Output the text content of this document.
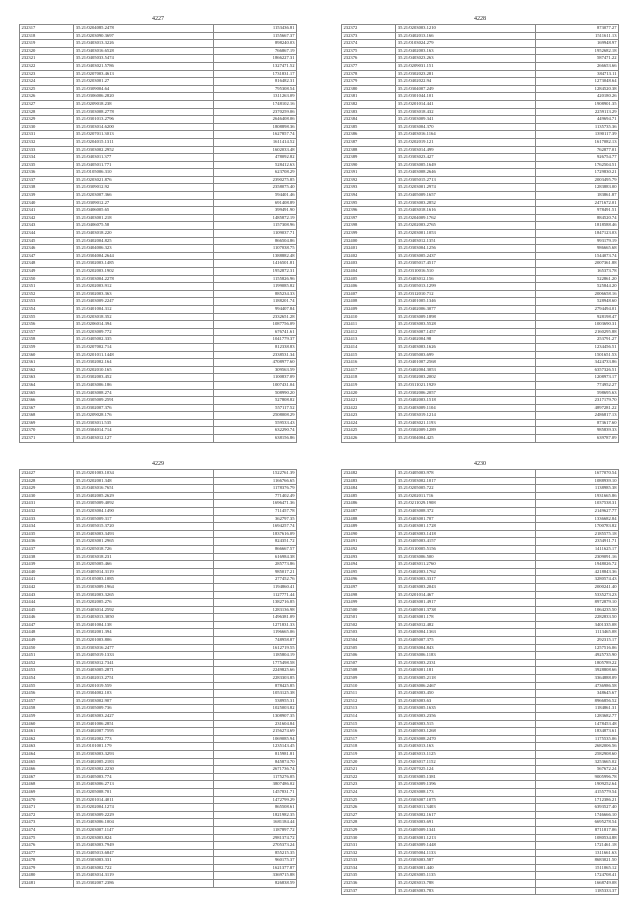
4227
232317	35.21/0204085.2478	1153436.81
232318	35.21/0203090.3697	1155667.37
232319	35.21/0403013.3226	898240.03
232320	35.21/0403016.6528	766867.19
232321	35.21/0405033.5474	1866227.31
232322	35.21/0403021.5786	1327471.52
232323	35.21/0207003.4613	1731831.17
232324	35.21/0203001.27	816482.31
232325	35.21/0309004.64	795308.54
232326	35.21/0306006.2820	1311263.09
232327	35.21/0209018.238	1748102.16
232328	35.21/0303008.2778	2370259.06
232329	35.21/0301013.2796	2646408.06
232330	35.21/0303014.6200	1808898.36
232331	35.21/0207011.3013	1627857.74
232332	35.21/0204015.1311	1611414.52
232333	35.21/0303002.2952	1602033.48
232334	35.21/0403011.377	478092.82
232335	35.21/0405011.771	528412.63
232336	35.21/0105006.310	623708.29
232337	35.21/0203021.876	2390275.85
232338	35.21/0309012.92	2358075.40
232339	35.21/0203007.366	594401.46
232340	35.21/0309012.27	691408.89
232341	35.21/0406005.65	399491.90
232342	35.21/0403001.218	1485872.19
232343	35.21/0406075.58	1157308.96
232344	35.21/0403018.220	1109037.71
232345	35.21/0402004.825	866504.86
232346	35.21/0404006.323	1107038.75
232347	35.21/0304004.2644	1388882.48
232348	35.21/0302003.1485	1416501.81
232349	35.21/0202003.1902	1952872.31
232350	35.21/0303004.2278	1155826.96
232351	35.21/0202003.912	1199085.82
232352	35.21/0302003.363	885234.33
232353	35.21/0403009.2247	1188201.74
232354	35.21/0401004.312	994407.84
232355	35.21/0203018.352	2332651.28
232356	35.21/0206014.394	1087756.09
232357	35.21/0203009.772	676741.61
232358	35.21/0405002.335	1041779.37
232359	35.21/0207002.714	812338.83
232360	35.21/0201011.1448	2338531.34
232361	35.21/0302002.164	4708977.60
232362	35.21/0202010.165	309563.59
232363	35.21/0302003.452	1100837.09
232364	35.21/0403006.186	1007431.04
232365	35.21/0403008.274	508990.20
232366	35.21/0305009.2591	527808.82
232367	35.21/0302007.376	557117.52
232368	35.21/0209028.176	2508008.29
232369	35.21/0303011.535	559533.43
232370	35.21/0304014.714	632290.74
232371	35.21/0403012.127	638156.86
4228
232372	35.21/0203003.1210	873077.27
232373	35.21/0402013.166	1511611.13
232374	35.21/0103024.279	169948.97
232375	35.21/0402003.163	1952682.18
232376	35.21/0403023.263	587471.22
232377	35.21/0209031.151	266653.66
232378	35.21/0302023.281	384713.11
232379	35.21/0402022.94	1273048.64
232380	35.21/0304007.249	1284520.38
232381	35.21/0301044.101	420180.26
232382	35.21/0201014.441	1908901.35
232383	35.21/0303018.432	2259113.29
232384	35.21/0303009.341	449694.71
232385	35.21/0303004.370	1135735.36
232386	35.21/0403016.1164	1390117.39
232387	35.21/0202019.121	1617082.13
232388	35.21/0303014.499	762877.01
232389	35.21/0303023.427	926754.77
232390	35.21/0303005.1649	1762504.51
232391	35.21/0403008.2646	1729830.21
232392	35.21/0305015.2713	2003495.79
232393	35.21/0203001.2974	1283883.00
232394	35.21/0405009.1657	183861.87
232395	35.21/0303003.2852	2471672.01
232396	35.21/0403018.1616	978491.51
232397	35.21/0204009.1762	884520.74
232398	35.21/0202003.2765	1818588.46
232399	35.21/0203001.1053	1847123.03
232400	35.21/0403012.1351	993179.19
232401	35.21/0303004.1256	986665.68
232402	35.21/0303005.2437	1544073.74
232403	35.21/0305017.4517	2007361.88
232404	35.21/0310016.510	165373.78
232405	35.21/0403012.156	522861.20
232406	35.21/0305013.1299	525844.20
232407	35.21/0312010.712	2006658.16
232408	35.21/0401005.1346	528948.60
232409	35.21/0402006.3077	2794494.01
232410	35.21/0303009.1898	928198.47
232411	35.21/0303003.5528	1003690.31
232412	35.21/0303007.1457	2160295.88
232413	35.21/0402004.98	253791.27
232414	35.21/0403003.1626	1234456.51
232415	35.21/0305003.699	1501651.53
232416	35.21/0401007.2568	3424733.86
232417	35.21/0402004.3053	6357326.51
232418	35.21/0302003.2002	1208973.17
232419	35.21/0311021.1929	774952.27
232420	35.21/0302006.2057	598695.63
232421	35.21/0402003.1518	2317179.70
232422	35.21/0403009.1104	4897281.22
232423	35.21/0303019.1214	2486817.13
232424	35.21/0403021.1193	873617.60
232425	35.21/0302009.1289	985839.33
232426	35.21/0304004.425	639787.09
4229
232427	35.21/0201003.1034	1522761.39
232428	35.21/0202001.348	1166766.65
232429	35.21/0403016.7651	1178376.79
232430	35.21/0402005.2629	771402.49
232431	35.21/0305009.4092	1696471.36
232432	35.21/0203004.1490	711457.78
232433	35.21/0305009.317	362797.35
232434	35.21/0305015.3720	1694257.74
232435	35.21/0403003.3493	1837616.09
232436	35.21/0203001.2965	824351.72
232437	35.21/0205018.726	866667.57
232438	35.21/0303018.231	616984.38
232439	35.21/0205005.466	285773.86
232440	35.21/0405014.3119	985017.21
232441	35.21/0105003.1085	277452.76
232442	35.21/0303009.1964	1194860.41
232443	35.21/0302003.3265	1127771.44
232444	35.21/0202005.276	1382716.85
232445	35.21/0403014.2592	1283136.98
232446	35.21/0403013.3050	1496381.09
232447	35.21/0401004.138	1271831.33
232448	35.21/0302001.394	1196665.06
232449	35.21/0201003.806	748958.87
232450	35.21/0303016.2477	1612719.55
232451	35.21/0405019.1333	1185804.19
232452	35.21/0303012.7341	1775498.58
232453	35.21/0403005.2871	2249825.66
232454	35.21/0402013.2751	2283303.85
232455	35.21/0201019.559	878425.85
232456	35.21/0304002.103	1053125.38
232457	35.21/0303002.907	538955.31
232458	35.21/0305009.736	1025003.82
232459	35.21/0403003.2427	1308907.35
232460	35.21/0401006.2851	231604.84
232461	35.21/0402007.7595	2156274.69
232462	35.21/0302002.773	1069085.94
232463	35.21/0101001.179	1235143.45
232464	35.21/0303003.3293	815981.81
232465	35.21/0402005.2183	845874.70
232466	35.21/0203002.2230	2671736.74
232467	35.21/0405003.774	1175276.05
232468	35.21/0403006.2713	3807486.02
232469	35.21/0205008.701	1457831.71
232470	35.21/0201014.4011	1472799.29
232471	35.21/0202004.1274	865508.61
232472	35.21/0303009.2229	1821982.35
232473	35.21/0403006.1004	1681184.44
232474	35.21/0203007.1147	1187897.72
232475	35.21/0203003.824	2981374.72
232476	35.21/0403003.7949	2705373.24
232477	35.21/0405013.6847	855215.35
232478	35.21/0303003.331	960175.37
232479	35.21/0403002.722	1621377.87
232480	35.21/0403014.3119	3369715.88
232481	35.21/0302007.2386	826838.59
4230
232482	35.21/0405003.978	1677070.54
232483	35.21/0303002.1017	1088939.10
232484	35.21/0205005.722	1138985.38
232485	35.21/0202011.716	1931665.86
232486	35.21/0211029.1908	1037538.31
232487	35.21/0403008.372	2149627.77
232488	35.21/0403001.707	1336682.84
232489	35.21/0403001.1728	1700783.82
232490	35.21/0403003.1418	2185575.18
232491	35.21/0405003.4157	2354911.71
232492	35.21/0310005.5156	1411625.17
232493	35.21/0303006.500	2309091.16
232494	35.21/0403011.2760	1948026.72
232495	35.21/0402003.1762	4218843.36
232496	35.21/0303003.3317	3280574.43
232497	35.21/0403003.2043	2000241.40
232498	35.21/0201014.467	5335273.23
232499	35.21/0403001.4917	8972879.10
232500	35.21/0405001.3738	1064235.50
232501	35.21/0403001.178	2282833.50
232502	35.21/0403012.482	3401335.08
232503	35.21/0403004.1363	1113465.08
232504	35.21/0405007.375	292315.17
232505	35.21/0303004.843	1257516.06
232506	35.21/0303006.1183	4925735.90
232507	35.21/0303003.2331	1805789.22
232508	35.21/0403001.181	3928808.66
232509	35.21/0303005.2118	3364888.09
232510	35.21/0403006.2467	4736986.58
232511	35.21/0403003.450	348645.67
232512	35.21/0403003.63	8966856.52
232513	35.21/0303005.1635	1184861.31
232514	35.21/0303003.2356	1283682.77
232515	35.21/0403003.515	1478453.48
232516	35.21/0405003.1268	1834873.61
232517	35.21/0203008.2470	1175535.06
232518	35.21/0403013.163	2682006.56
232519	35.21/0403013.1125	2582908.60
232520	35.21/0403017.1152	3253665.02
232521	35.21/0207025.124	567672.24
232522	35.21/0303005.1381	9005996.78
232523	35.21/0303009.1396	1909252.64
232524	35.21/0203008.173	4155779.54
232525	35.21/0303007.1075	1712386.21
232526	35.21/0403011.3403	6393527.40
232527	35.21/0303002.1617	1746666.10
232528	35.21/0303003.691	6695278.54
232529	35.21/0405009.1341	8711817.06
232530	35.21/0403001.1213	1080534.88
232531	35.21/0403009.1448	1721461.18
232532	35.21/0305004.1133	1311661.63
232533	35.21/0303003.587	8683021.50
232534	35.21/0403001.440	1511065.12
232535	35.21/0203005.1135	1724708.41
232536	35.21/0203013.788	1668749.08
232537	35.21/0403003.783	1185333.37
